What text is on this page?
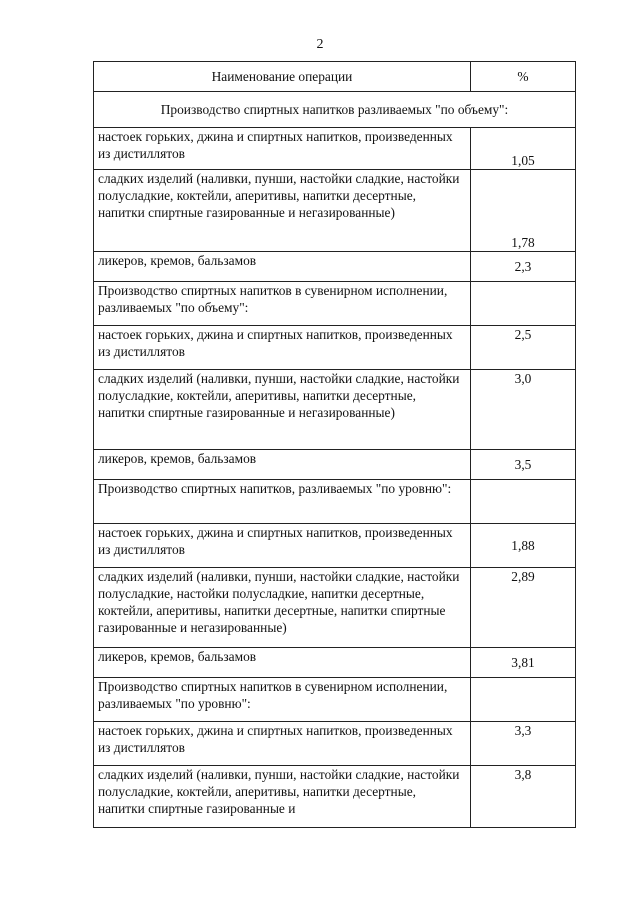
2
Наименование операции	%
Производство спиртных напитков разливаемых "по объему":	
настоек горьких, джина и спиртных напитков, произведенных из дистиллятов	1,05
сладких изделий (наливки, пунши, настойки сладкие, настойки полусладкие, коктейли, аперитивы, напитки десертные, напитки спиртные газированные и негазированные)	1,78
ликеров, кремов, бальзамов	2,3
Производство спиртных напитков в сувенирном исполнении, разливаемых "по объему":	
настоек горьких, джина и спиртных напитков, произведенных из дистиллятов	2,5
сладких изделий (наливки, пунши, настойки сладкие, настойки полусладкие, коктейли, аперитивы, напитки десертные, напитки спиртные газированные и негазированные)	3,0
ликеров, кремов, бальзамов	3,5
Производство спиртных напитков, разливаемых "по уровню":	
настоек горьких, джина и спиртных напитков, произведенных из дистиллятов	1,88
сладких изделий (наливки, пунши, настойки сладкие, настойки полусладкие, настойки полусладкие, напитки десертные, коктейли, аперитивы, напитки десертные, напитки спиртные газированные и негазированные)	2,89
ликеров, кремов, бальзамов	3,81
Производство спиртных напитков в сувенирном исполнении, разливаемых "по уровню":	
настоек горьких, джина и спиртных напитков, произведенных из дистиллятов	3,3
сладких изделий (наливки, пунши, настойки сладкие, настойки полусладкие, коктейли, аперитивы, напитки десертные, напитки спиртные газированные и	3,8
